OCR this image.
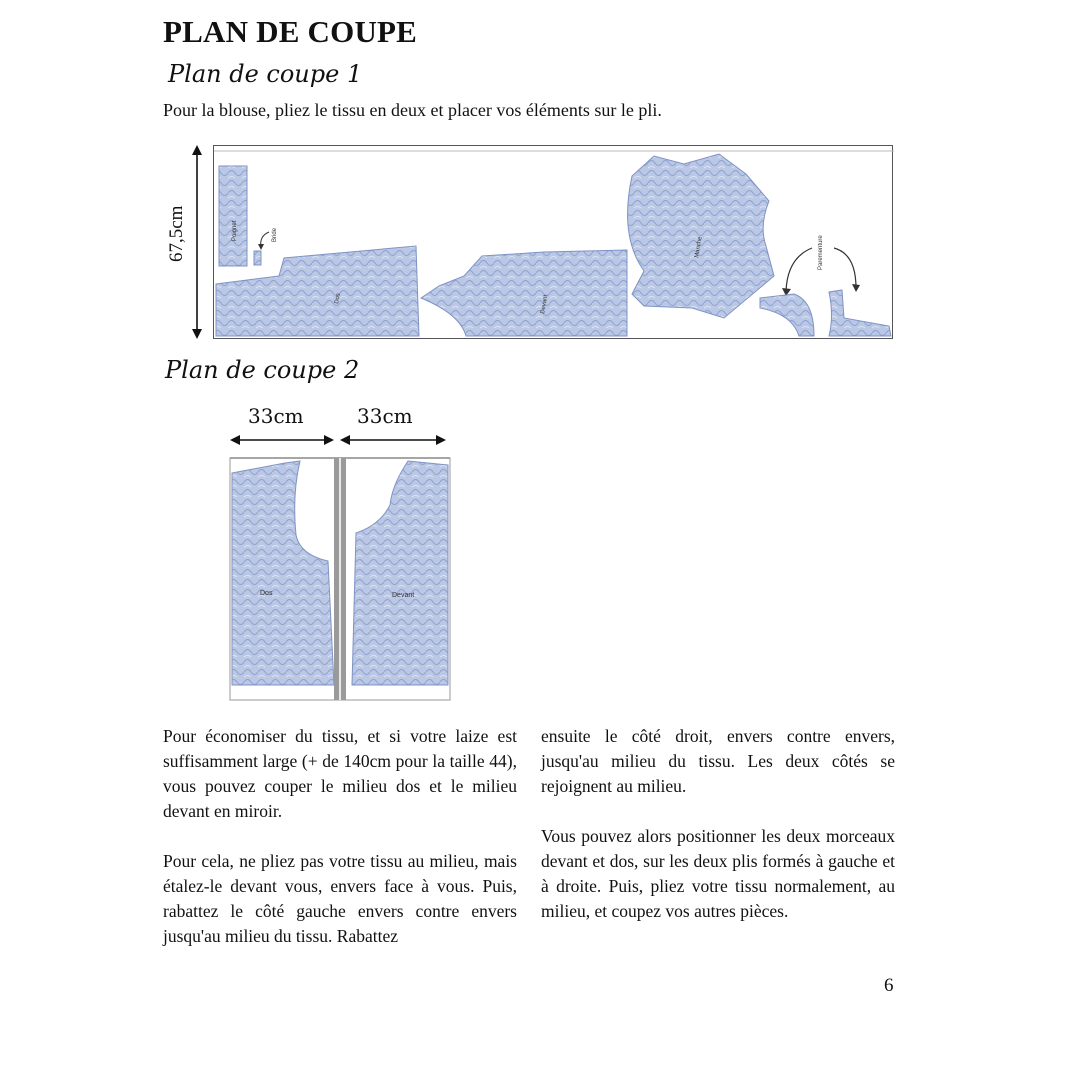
PLAN DE COUPE
Plan de coupe 1
Pour la blouse, pliez le tissu en deux et placer vos éléments sur le pli.
67,5cm	Poignet	Bride
Dos	Devant
Manche	Parementure
Plan de coupe 2
33cm	33cm
Dos	Devant

Pour économiser du tissu, et si votre laize est suffisamment large (+ de 140cm pour la taille 44), vous pouvez couper le milieu dos et le milieu devant en miroir.

Pour cela, ne pliez pas votre tissu au milieu, mais étalez-le devant vous, envers face à vous. Puis, rabattez le côté gauche envers contre envers jusqu'au milieu du tissu. Rabattez

ensuite le côté droit, envers contre envers, jusqu'au milieu du tissu. Les deux côtés se rejoignent au milieu.

Vous pouvez alors positionner les deux morceaux devant et dos, sur les deux plis formés à gauche et à droite. Puis, pliez votre tissu normalement, au milieu, et coupez vos autres pièces.

6
